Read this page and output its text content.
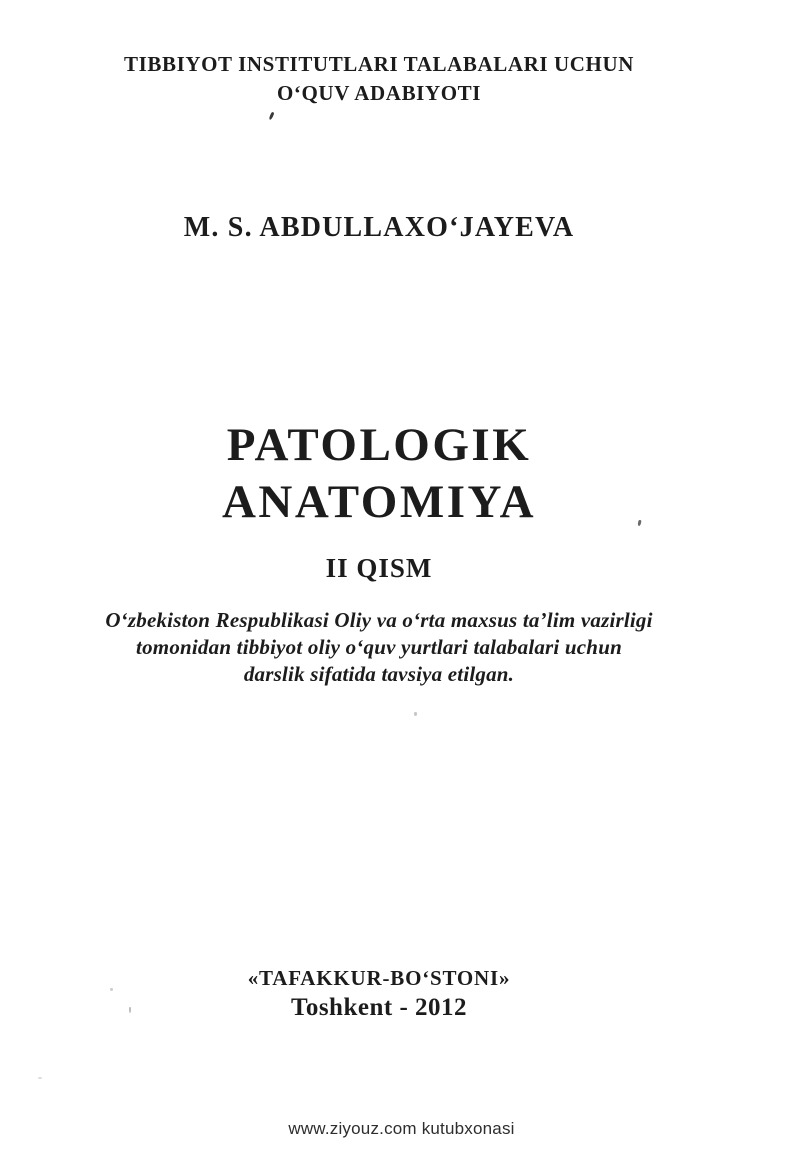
TIBBIYOT INSTITUTLARI TALABALARI UCHUN
O‘QUV ADABIYOTI
M. S. ABDULLAXO‘JAYEVA
PATOLOGIK
ANATOMIYA
II QISM
O‘zbekiston Respublikasi Oliy va o‘rta maxsus ta’lim vazirligi
tomonidan tibbiyot oliy o‘quv yurtlari talabalari uchun
darslik sifatida tavsiya etilgan.
«TAFAKKUR-BO‘STONI»
Toshkent - 2012
www.ziyouz.com kutubxonasi
